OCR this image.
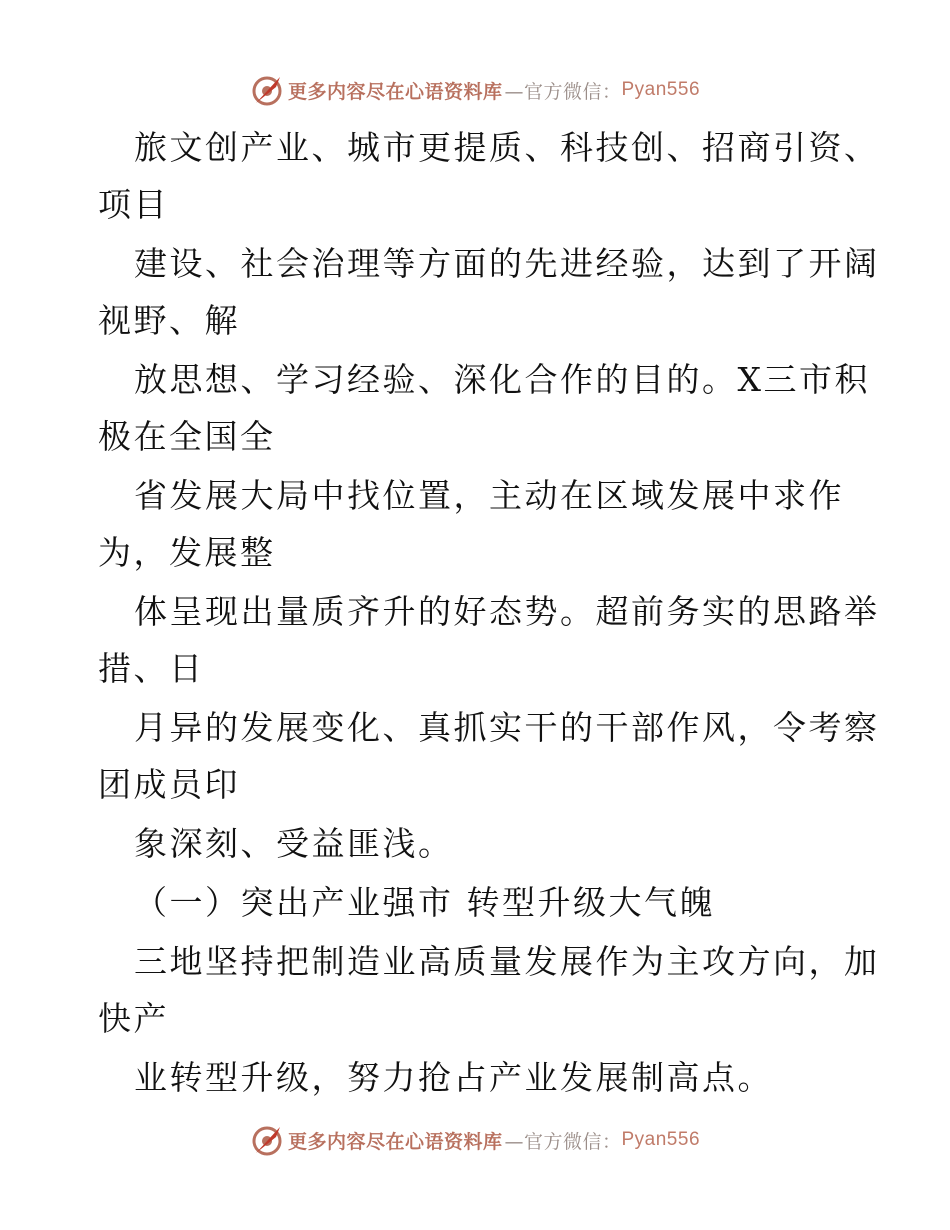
更多内容尽在心语资料库 —官方微信： Pyan556
旅文创产业、城市更提质、科技创、招商引资、
项目
建设、社会治理等方面的先进经验，达到了开阔
视野、解
放思想、学习经验、深化合作的目的。X三市积
极在全国全
省发展大局中找位置，主动在区域发展中求作
为，发展整
体呈现出量质齐升的好态势。超前务实的思路举
措、日
月异的发展变化、真抓实干的干部作风，令考察
团成员印
象深刻、受益匪浅。
（一）突出产业强市 转型升级大气魄
三地坚持把制造业高质量发展作为主攻方向，加
快产
业转型升级，努力抢占产业发展制高点。
更多内容尽在心语资料库 —官方微信： Pyan556
